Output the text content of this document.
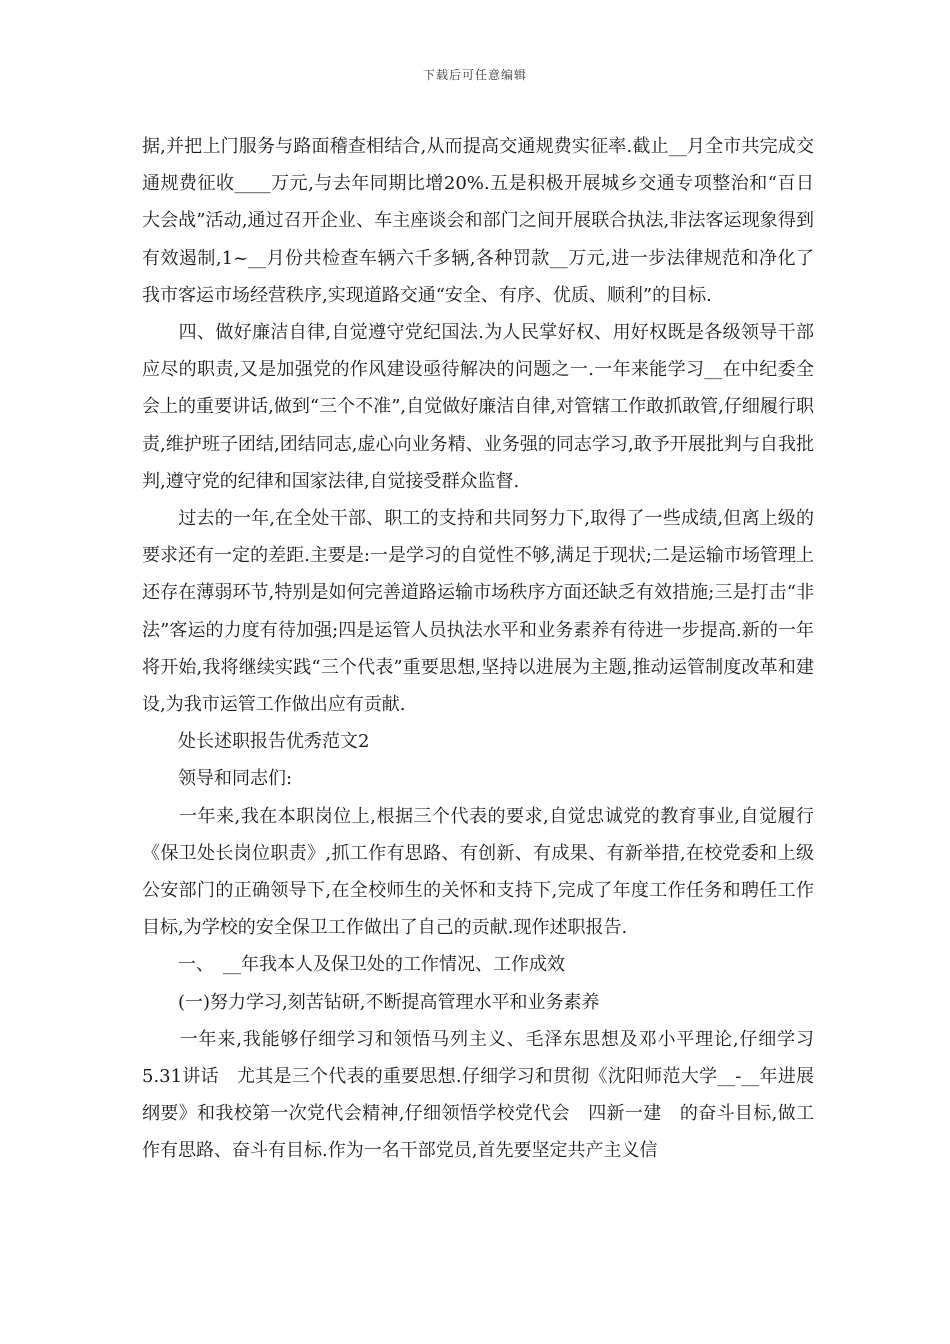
下载后可任意编辑

据,并把上门服务与路面稽查相结合,从而提高交通规费实征率.截止__月全市共完成交通规费征收____万元,与去年同期比增20%.五是积极开展城乡交通专项整治和“百日大会战”活动,通过召开企业、车主座谈会和部门之间开展联合执法,非法客运现象得到有效遏制,1~__月份共检查车辆六千多辆,各种罚款__万元,进一步法律规范和净化了我市客运市场经营秩序,实现道路交通“安全、有序、优质、顺利”的目标.

　　四、做好廉洁自律,自觉遵守党纪国法.为人民掌好权、用好权既是各级领导干部应尽的职责,又是加强党的作风建设亟待解决的问题之一.一年来能学习__在中纪委全会上的重要讲话,做到“三个不准”,自觉做好廉洁自律,对管辖工作敢抓敢管,仔细履行职责,维护班子团结,团结同志,虚心向业务精、业务强的同志学习,敢予开展批判与自我批判,遵守党的纪律和国家法律,自觉接受群众监督.

　　过去的一年,在全处干部、职工的支持和共同努力下,取得了一些成绩,但离上级的要求还有一定的差距.主要是:一是学习的自觉性不够,满足于现状;二是运输市场管理上还存在薄弱环节,特别是如何完善道路运输市场秩序方面还缺乏有效措施;三是打击“非法”客运的力度有待加强;四是运管人员执法水平和业务素养有待进一步提高.新的一年将开始,我将继续实践“三个代表”重要思想,坚持以进展为主题,推动运管制度改革和建设,为我市运管工作做出应有贡献.

　　处长述职报告优秀范文2

　　领导和同志们:

　　一年来,我在本职岗位上,根据三个代表的要求,自觉忠诚党的教育事业,自觉履行《保卫处长岗位职责》,抓工作有思路、有创新、有成果、有新举措,在校党委和上级公安部门的正确领导下,在全校师生的关怀和支持下,完成了年度工作任务和聘任工作目标,为学校的安全保卫工作做出了自己的贡献.现作述职报告.

　　一、　__年我本人及保卫处的工作情况、工作成效

　　(一)努力学习,刻苦钻研,不断提高管理水平和业务素养

　　一年来,我能够仔细学习和领悟马列主义、毛泽东思想及邓小平理论,仔细学习　5.31讲话　尤其是三个代表的重要思想.仔细学习和贯彻《沈阳师范大学__-__年进展纲要》和我校第一次党代会精神,仔细领悟学校党代会　四新一建　的奋斗目标,做工作有思路、奋斗有目标.作为一名干部党员,首先要坚定共产主义信
